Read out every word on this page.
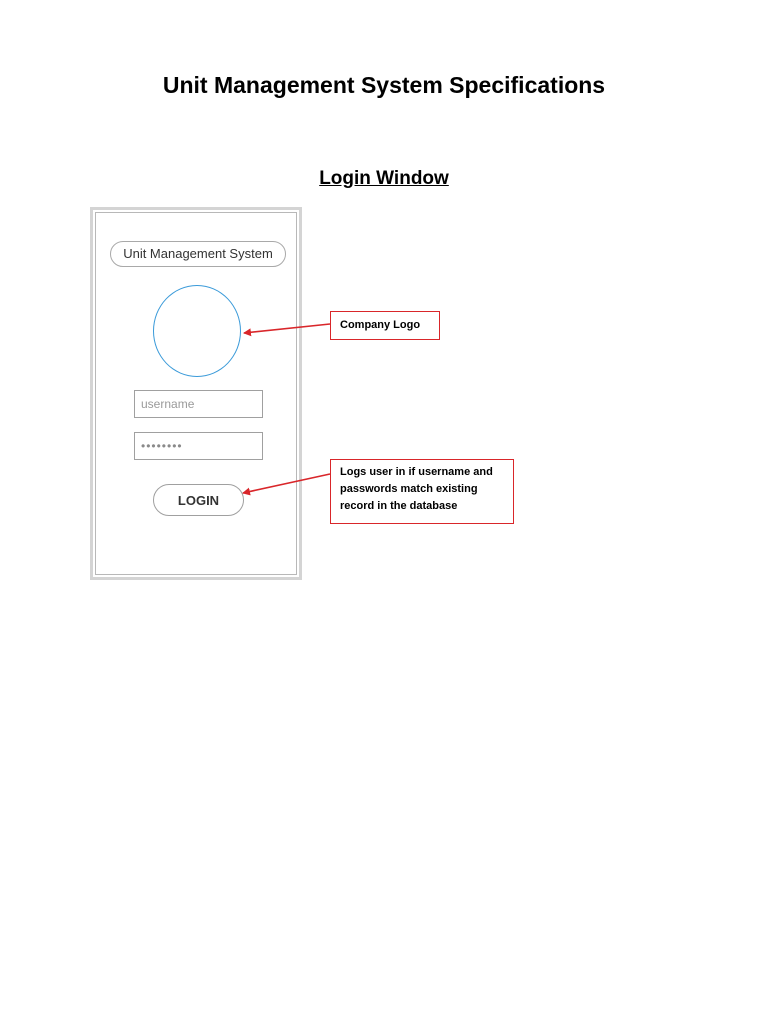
Unit Management System Specifications
Login Window
Unit Management System
username
••••••••
LOGIN
Company Logo
Logs user in if username and passwords match existing record in the database
